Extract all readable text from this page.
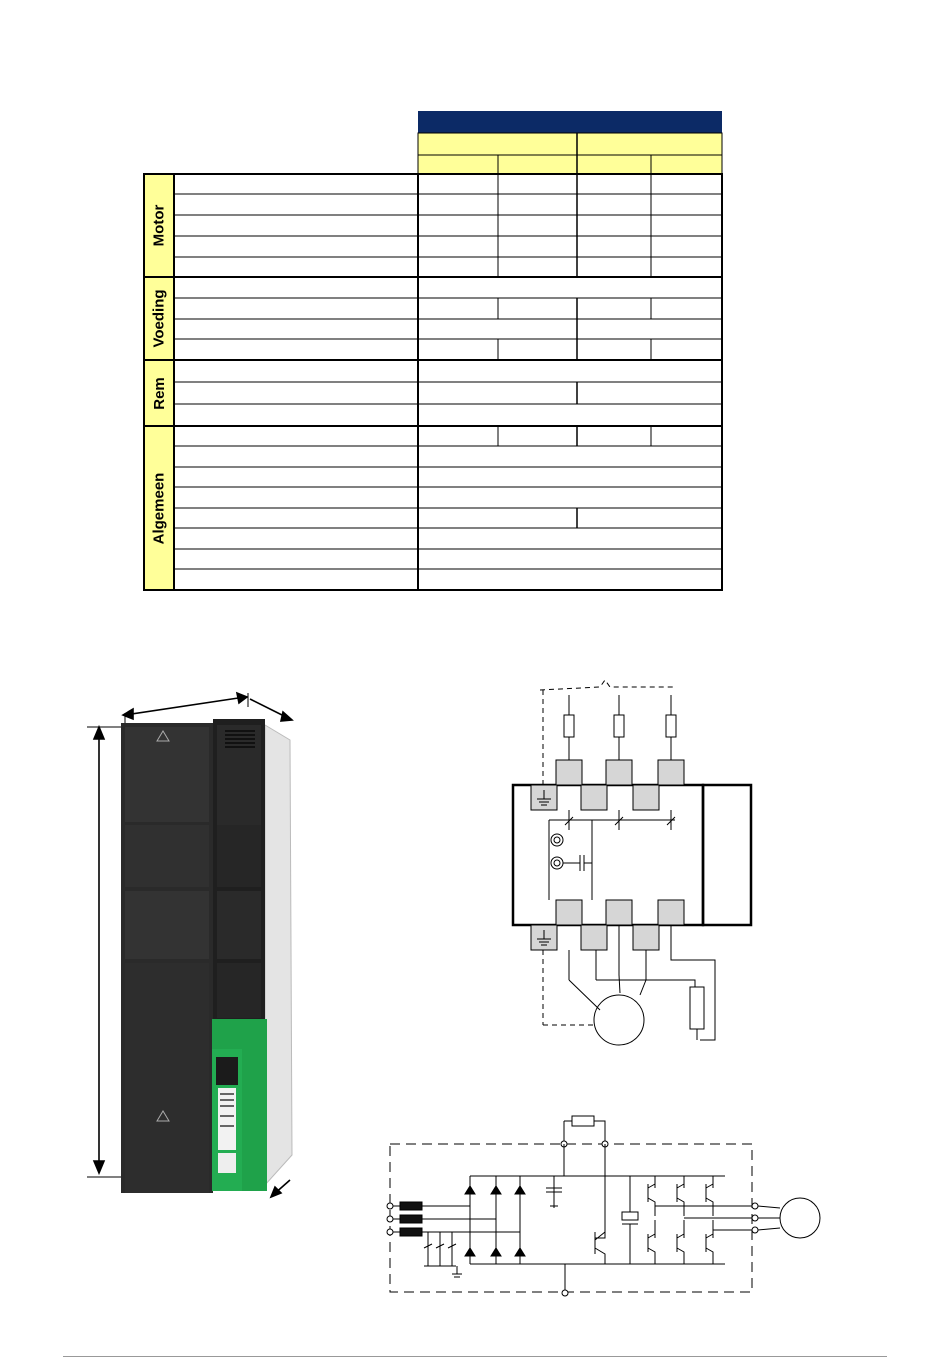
Motor
Voeding
Rem
Algemeen
